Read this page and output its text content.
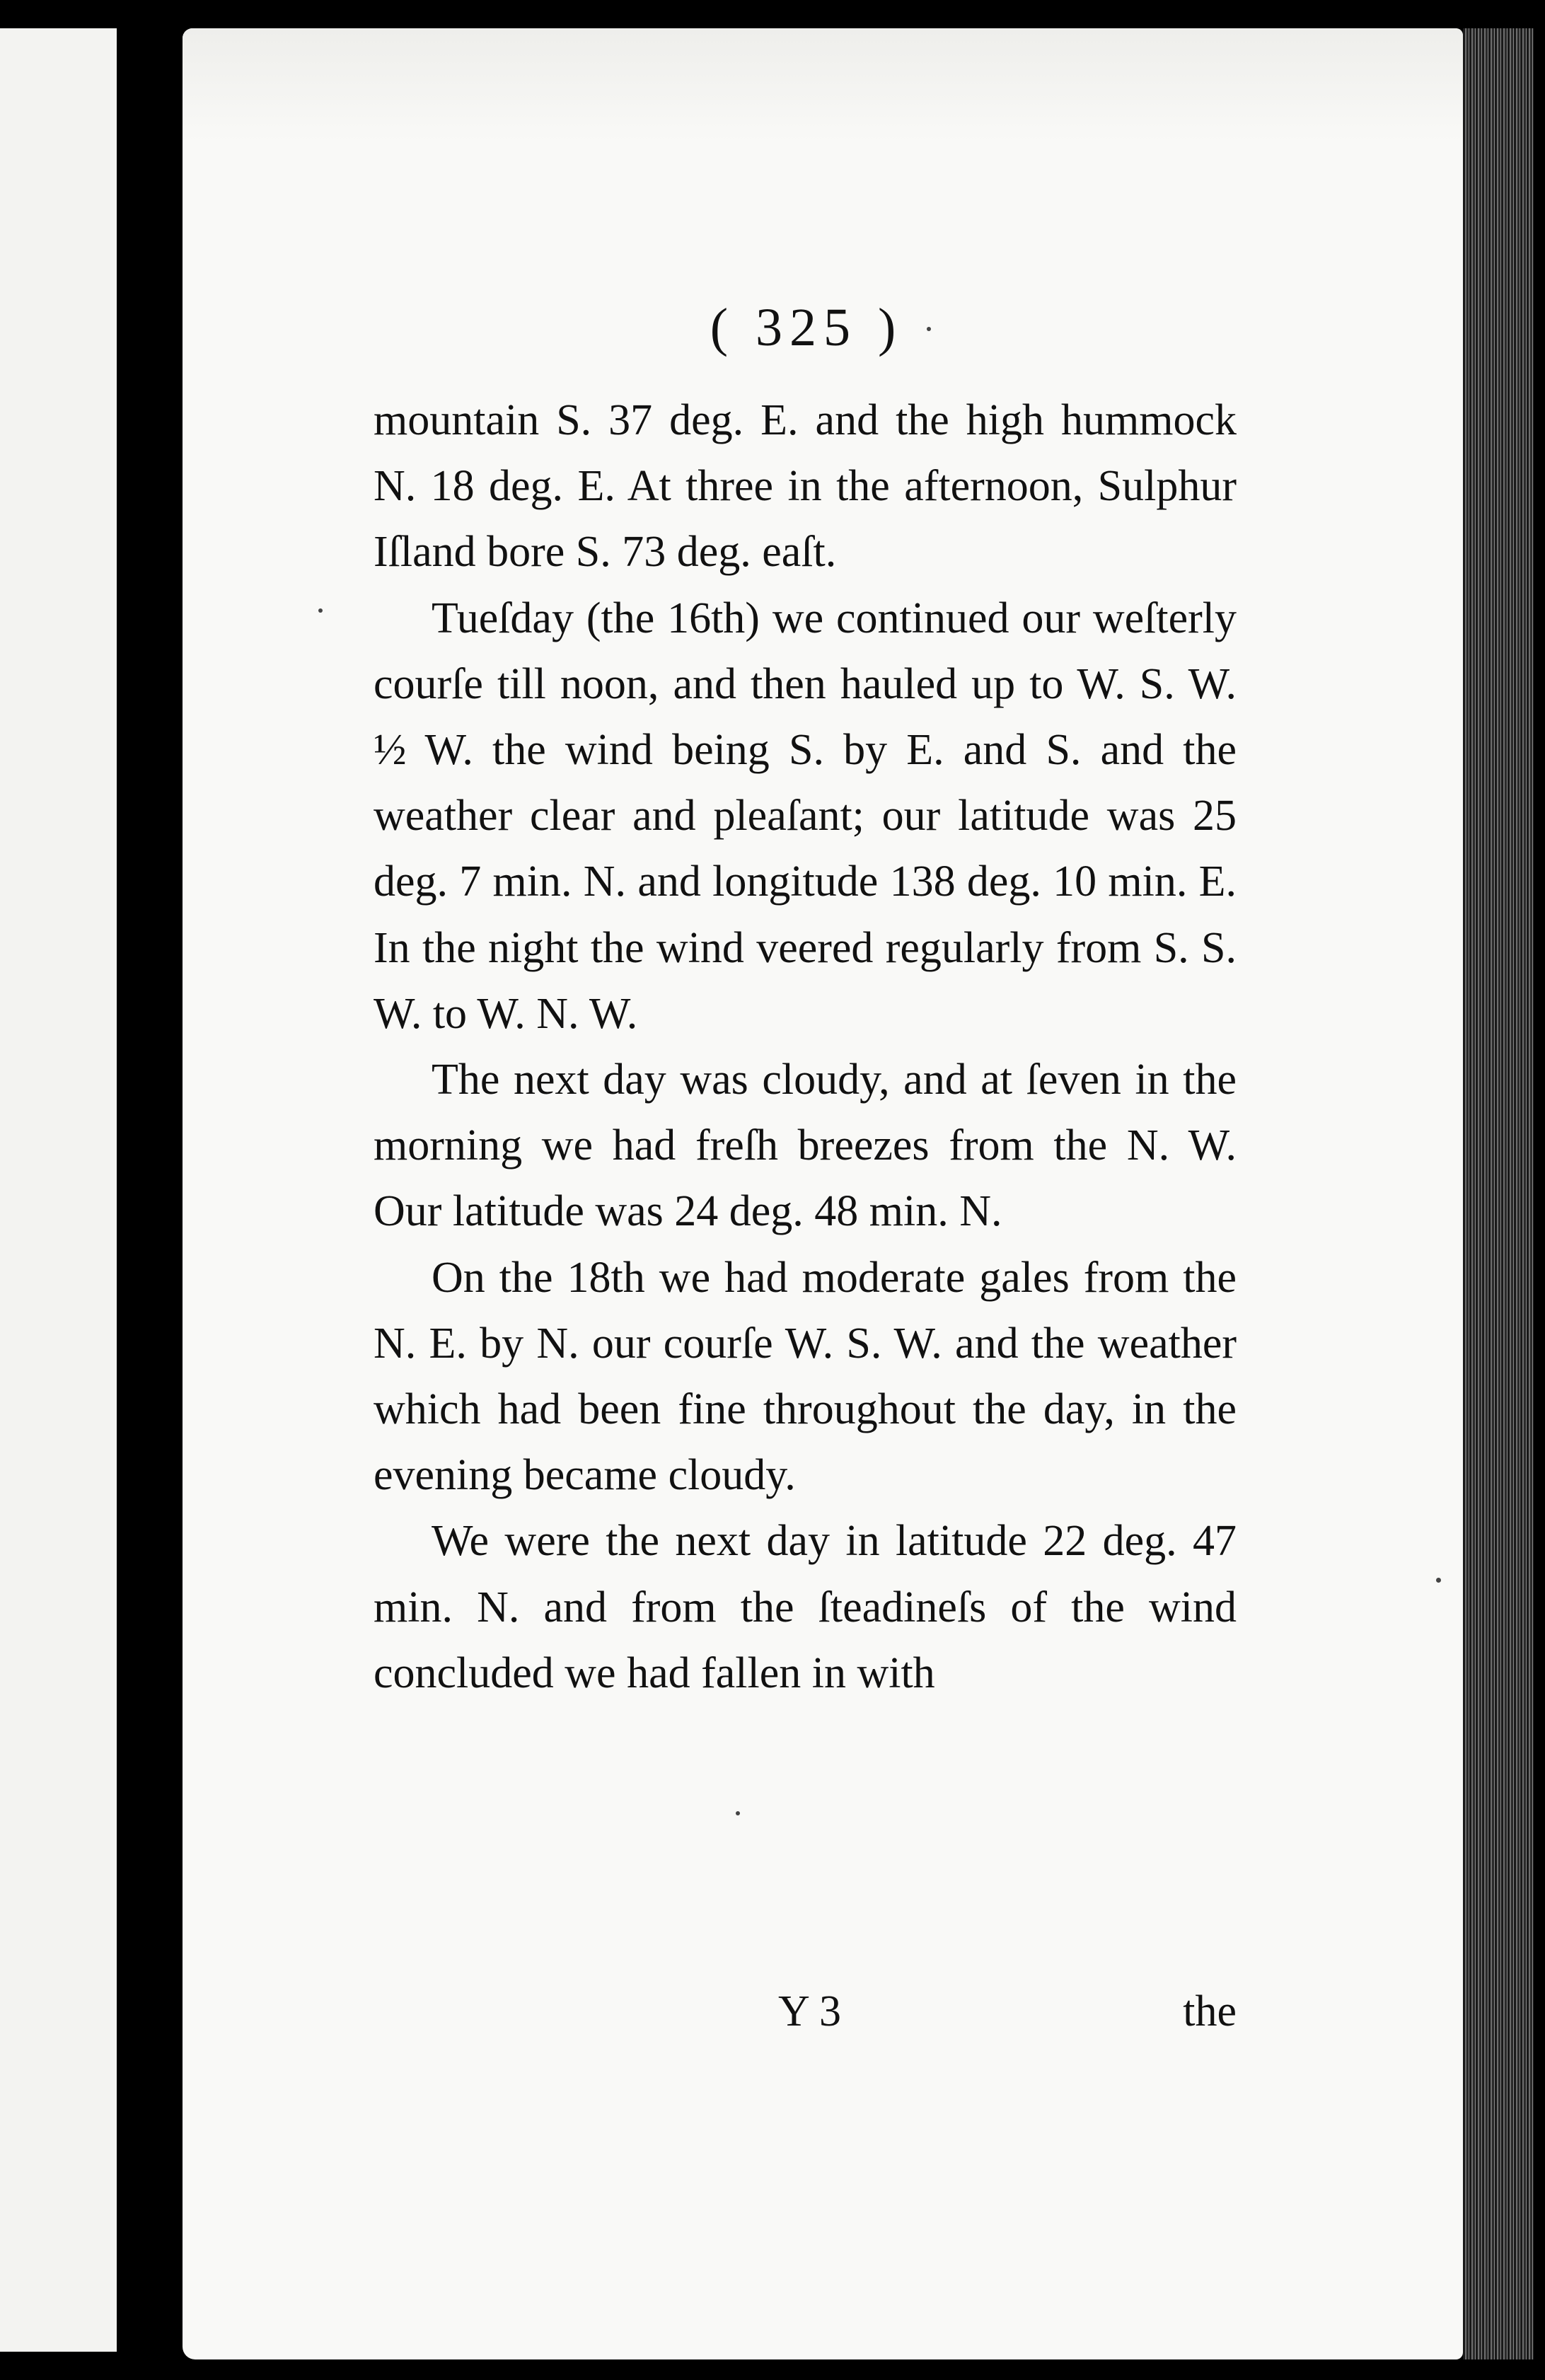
( 325 )

mountain S. 37 deg. E. and the high hummock N. 18 deg. E. At three in the afternoon, Sulphur Iſland bore S. 73 deg. eaſt.

Tueſday (the 16th) we continued our weſterly courſe till noon, and then hauled up to W. S. W. ½ W. the wind being S. by E. and S. and the weather clear and pleaſant; our latitude was 25 deg. 7 min. N. and longitude 138 deg. 10 min. E. In the night the wind veered regularly from S. S. W. to W. N. W.

The next day was cloudy, and at ſeven in the morning we had freſh breezes from the N. W. Our latitude was 24 deg. 48 min. N.

On the 18th we had moderate gales from the N. E. by N. our courſe W. S. W. and the weather which had been fine throughout the day, in the evening became cloudy.

We were the next day in latitude 22 deg. 47 min. N. and from the ſteadineſs of the wind concluded we had fallen in with

Y 3	the
